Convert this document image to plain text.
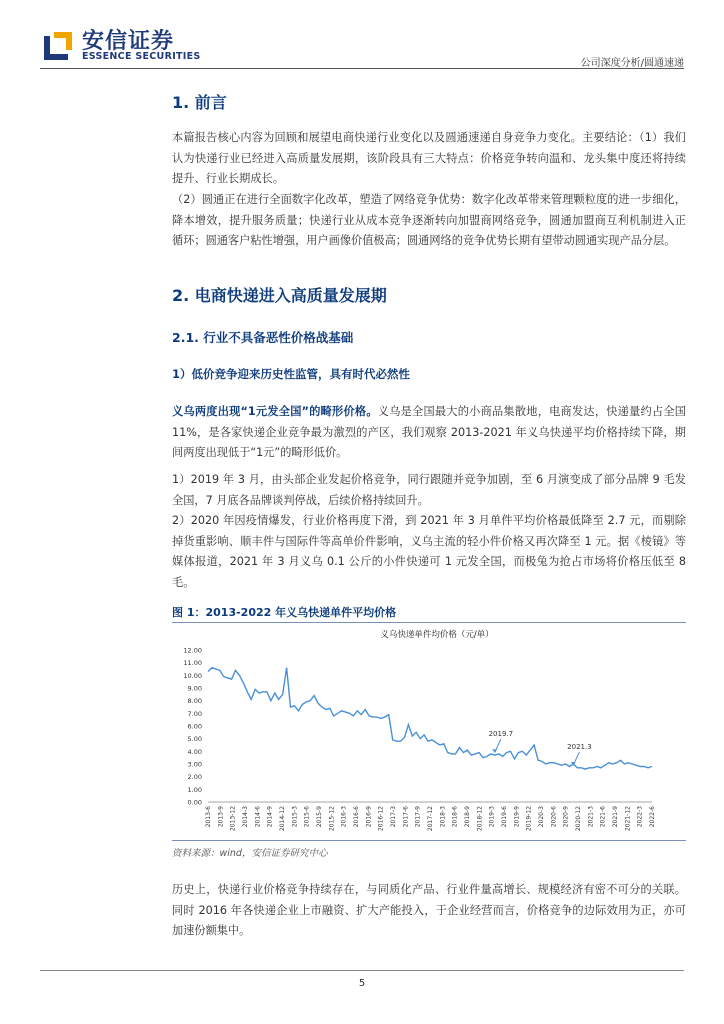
安信证券
ESSENCE SECURITIES
公司深度分析/圆通速递
1. 前言
本篇报告核心内容为回顾和展望电商快递行业变化以及圆通速递自身竞争力变化。主要结论：（1）我们认为快递行业已经进入高质量发展期，该阶段具有三大特点：价格竞争转向温和、龙头集中度还将持续提升、行业长期成长。
（2）圆通正在进行全面数字化改革，塑造了网络竞争优势：数字化改革带来管理颗粒度的进一步细化，降本增效，提升服务质量；快递行业从成本竞争逐渐转向加盟商网络竞争，圆通加盟商互利机制进入正循环；圆通客户粘性增强，用户画像价值极高；圆通网络的竞争优势长期有望带动圆通实现产品分层。
2. 电商快递进入高质量发展期
2.1. 行业不具备恶性价格战基础
1）低价竞争迎来历史性监管，具有时代必然性
义乌两度出现“1元发全国”的畸形价格。义乌是全国最大的小商品集散地，电商发达，快递量约占全国 11%，是各家快递企业竞争最为激烈的产区，我们观察 2013-2021 年义乌快递平均价格持续下降，期间两度出现低于“1元”的畸形低价。
1）2019 年 3 月，由头部企业发起价格竞争，同行跟随并竞争加剧，至 6 月演变成了部分品牌 9 毛发全国，7 月底各品牌谈判停战，后续价格持续回升。
2）2020 年因疫情爆发，行业价格再度下滑，到 2021 年 3 月单件平均价格最低降至 2.7 元，而剔除掉货重影响、顺丰件与国际件等高单价件影响，义乌主流的轻小件价格又再次降至 1 元。据《棱镜》等媒体报道，2021 年 3 月义乌 0.1 公斤的小件快递可 1 元发全国，而极兔为抢占市场将价格压低至 8 毛。
图 1：2013-2022 年义乌快递单件平均价格
义乌快递单件均价格（元/单）
12.00
11.00
10.00
9.00
8.00
7.00
6.00
5.00
4.00
3.00
2.00
1.00
0.00
2013-6 2013-9 2013-12 2014-3 2014-6 2014-9 2014-12 2015-3 2015-6 2015-9 2015-12 2016-3 2016-6 2016-9 2016-12 2017-3 2017-6 2017-9 2017-12 2018-3 2018-6 2018-9 2018-12 2019-3 2019-6 2019-9 2019-12 2020-3 2020-6 2020-9 2020-12 2021-3 2021-6 2021-9 2021-12 2022-3 2022-6
2019.7
2021.3
资料来源：wind，安信证券研究中心
历史上，快递行业价格竞争持续存在，与同质化产品、行业件量高增长、规模经济有密不可分的关联。同时 2016 年各快递企业上市融资、扩大产能投入，于企业经营而言，价格竞争的边际效用为正，亦可加速份额集中。
5
